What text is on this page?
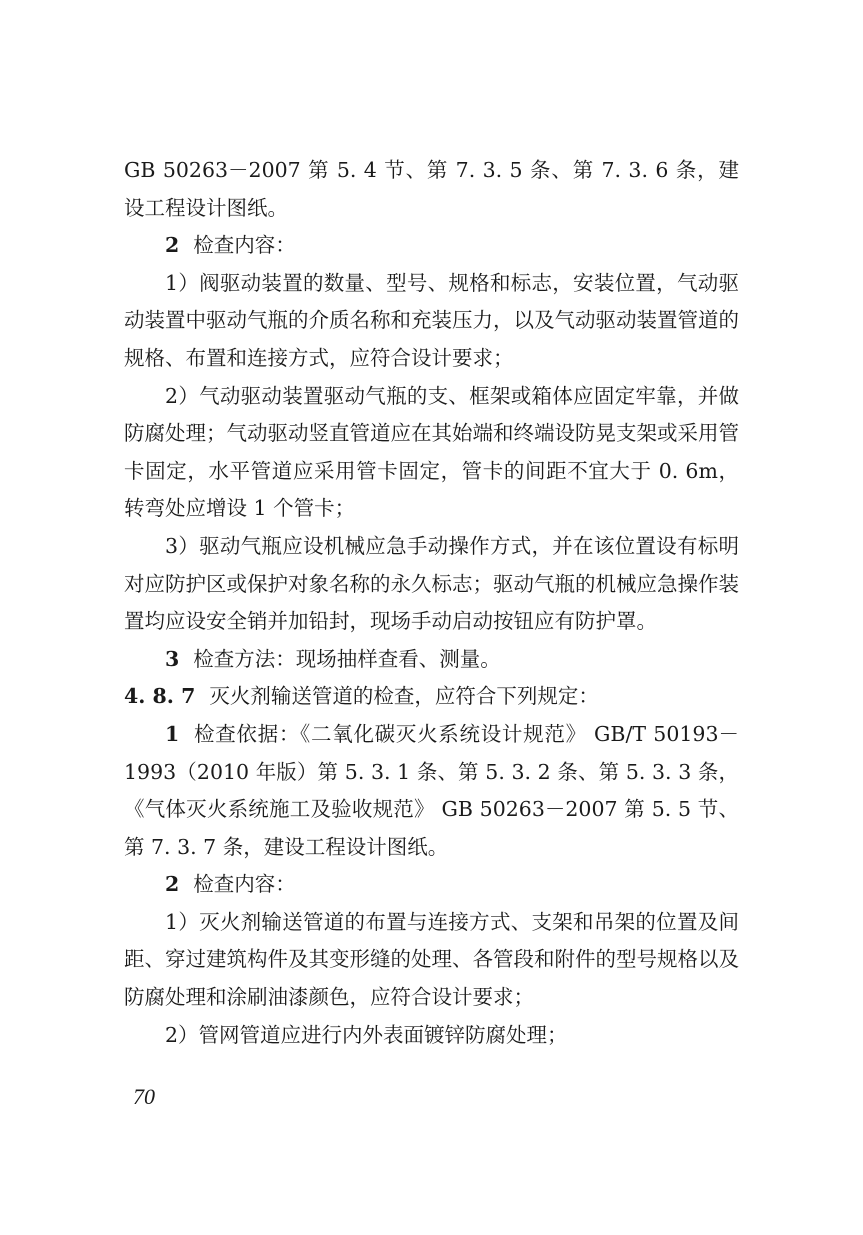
GB 50263－2007 第 5. 4 节、第 7. 3. 5 条、第 7. 3. 6 条，建设工程设计图纸。

2 检查内容：

1）阀驱动装置的数量、型号、规格和标志，安装位置，气动驱动装置中驱动气瓶的介质名称和充装压力，以及气动驱动装置管道的规格、布置和连接方式，应符合设计要求；

2）气动驱动装置驱动气瓶的支、框架或箱体应固定牢靠，并做防腐处理；气动驱动竖直管道应在其始端和终端设防晃支架或采用管卡固定，水平管道应采用管卡固定，管卡的间距不宜大于 0. 6m，转弯处应增设 1 个管卡；

3）驱动气瓶应设机械应急手动操作方式，并在该位置设有标明对应防护区或保护对象名称的永久标志；驱动气瓶的机械应急操作装置均应设安全销并加铅封，现场手动启动按钮应有防护罩。

3 检查方法：现场抽样查看、测量。

4. 8. 7 灭火剂输送管道的检查，应符合下列规定：

1 检查依据：《二氧化碳灭火系统设计规范》 GB/T 50193－1993（2010 年版）第 5. 3. 1 条、第 5. 3. 2 条、第 5. 3. 3 条，《气体灭火系统施工及验收规范》 GB 50263－2007 第 5. 5 节、第 7. 3. 7 条，建设工程设计图纸。

2 检查内容：

1）灭火剂输送管道的布置与连接方式、支架和吊架的位置及间距、穿过建筑构件及其变形缝的处理、各管段和附件的型号规格以及防腐处理和涂刷油漆颜色，应符合设计要求；

2）管网管道应进行内外表面镀锌防腐处理；

70
